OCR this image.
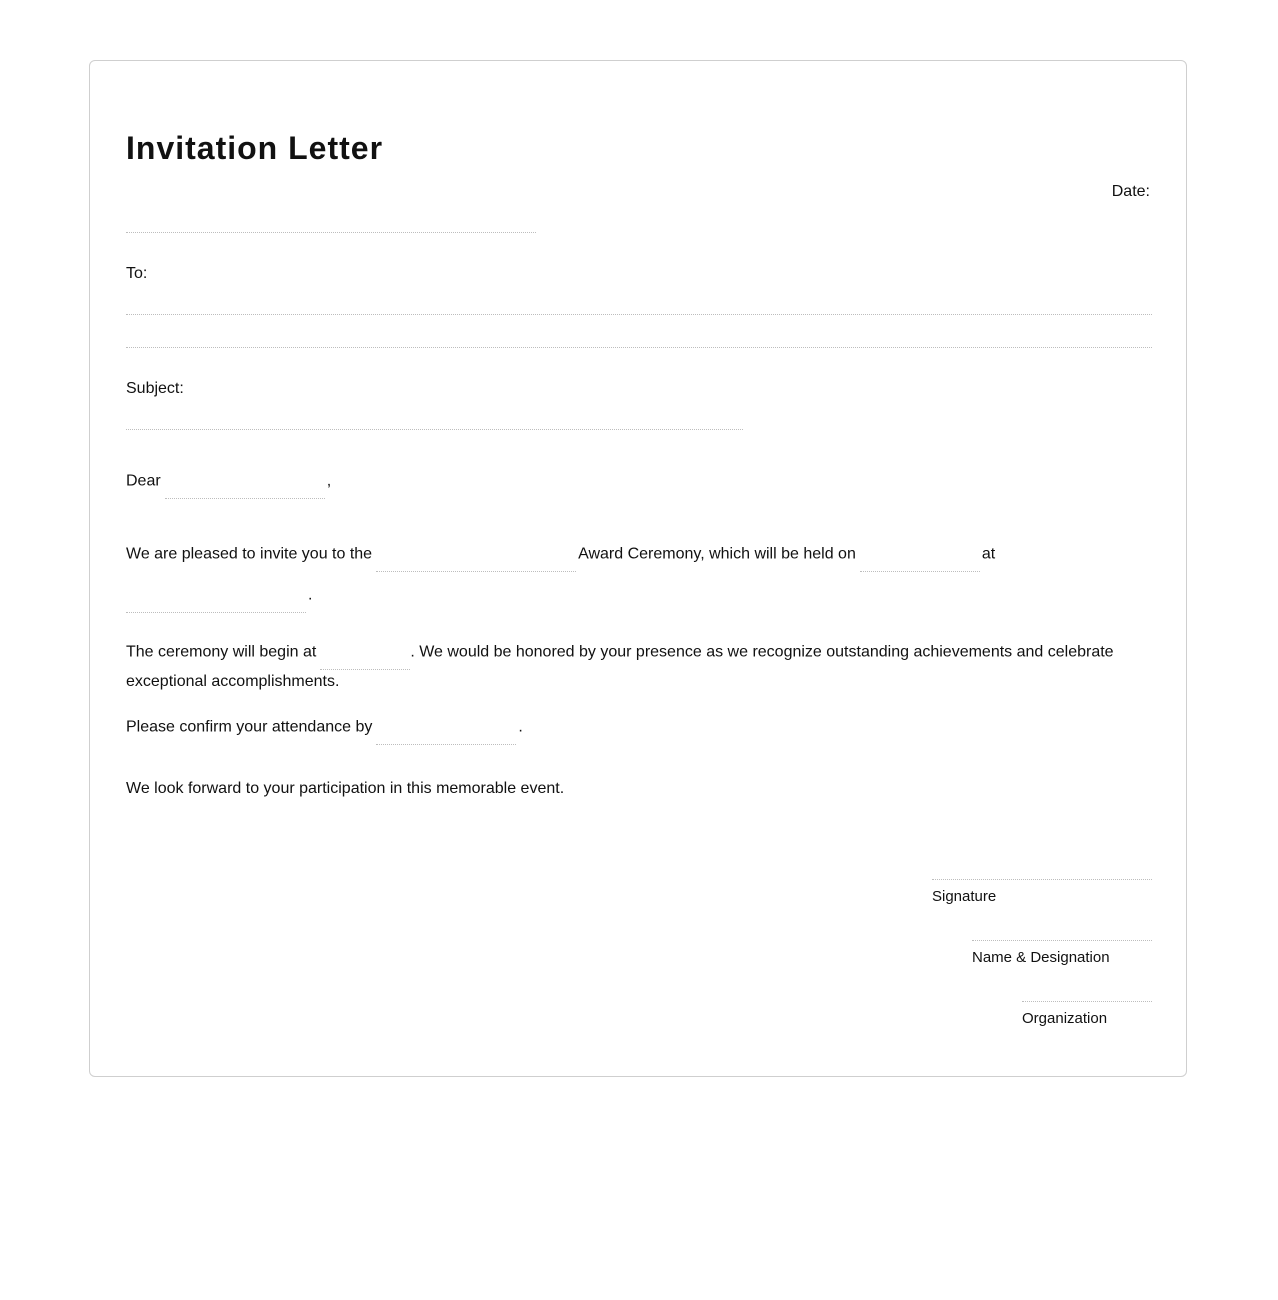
Invitation Letter
Date:
To:
Subject:
Dear	,
We are pleased to invite you to the	Award Ceremony, which will be held on	at
.
The ceremony will begin at	. We would be honored by your presence as we recognize outstanding achievements and celebrate
exceptional accomplishments.
Please confirm your attendance by	.
We look forward to your participation in this memorable event.
Signature
Name & Designation
Organization
